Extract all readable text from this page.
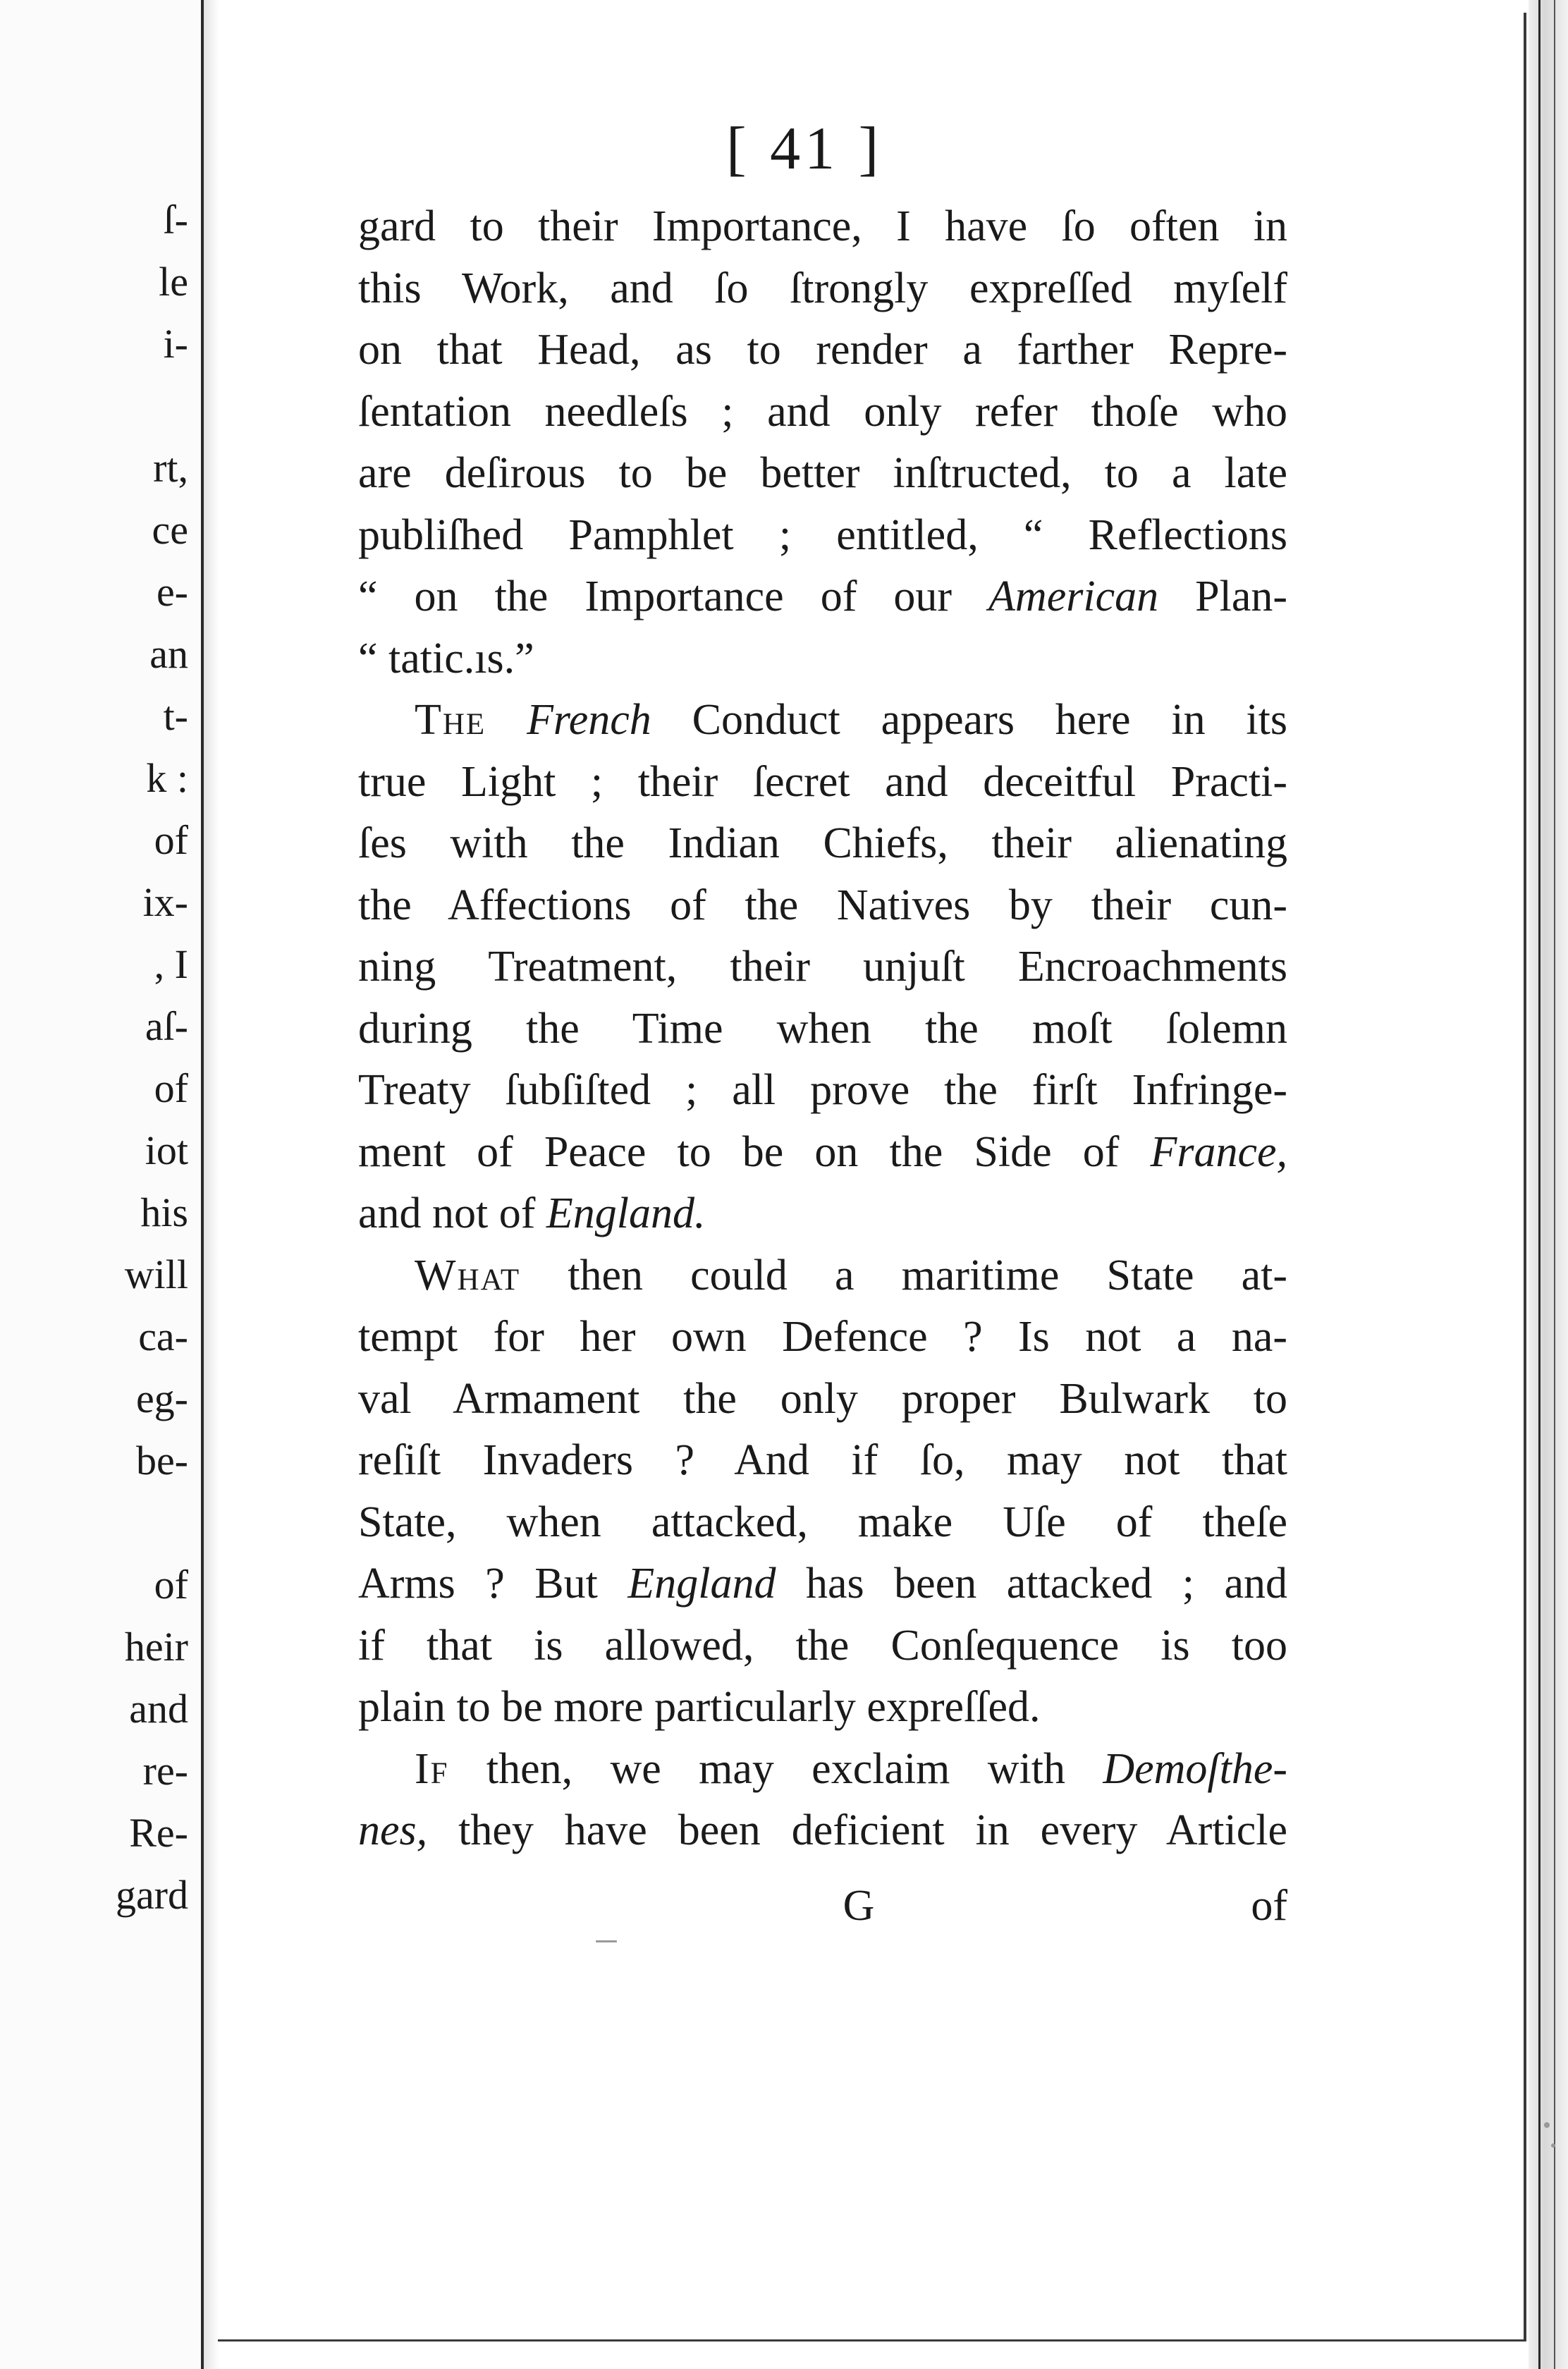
ſ-
le
i-
rt,
ce
e-
an
t-
k :
of
ix-
, I
aſ-
of
iot
his
will
ca-
eg-
be-
of
heir
and
re-
Re-
gard
[ 41 ]
gard to their Importance, I have ſo often in
this Work, and ſo ſtrongly expreſſed myſelf
on that Head, as to render a farther Repre-
ſentation needleſs ; and only refer thoſe who
are deſirous to be better inſtructed, to a late
publiſhed Pamphlet ; entitled, “ Reflections
“ on the Importance of our American Plan-
“ tatic.ıs.”
The French Conduct appears here in its
true Light ; their ſecret and deceitful Practi-
ſes with the Indian Chiefs, their alienating
the Affections of the Natives by their cun-
ning Treatment, their unjuſt Encroachments
during the Time when the moſt ſolemn
Treaty ſubſiſted ; all prove the firſt Infringe-
ment of Peace to be on the Side of France,
and not of England.
What then could a maritime State at-
tempt for her own Defence ? Is not a na-
val Armament the only proper Bulwark to
reſiſt Invaders ? And if ſo, may not that
State, when attacked, make Uſe of theſe
Arms ? But England has been attacked ; and
if that is allowed, the Conſequence is too
plain to be more particularly expreſſed.
If then, we may exclaim with Demoſthe-
nes, they have been deficient in every Article
G	of
